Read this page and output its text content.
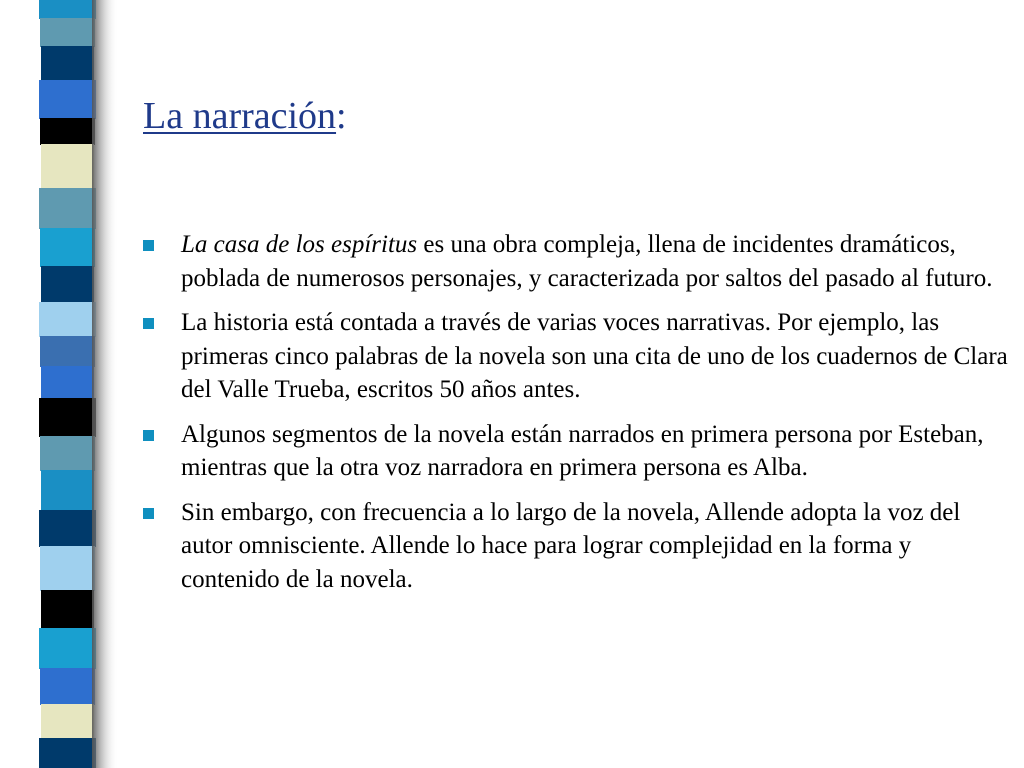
La narración:
La casa de los espíritus es una obra compleja, llena de incidentes dramáticos, poblada de numerosos personajes, y caracterizada por saltos del pasado al futuro.
La historia está contada a través de varias voces narrativas. Por ejemplo, las primeras cinco palabras de la novela son una cita de uno de los cuadernos de Clara del Valle Trueba, escritos 50 años antes.
Algunos segmentos de la novela están narrados en primera persona por Esteban, mientras que la otra voz narradora en primera persona es Alba.
Sin embargo, con frecuencia a lo largo de la novela, Allende adopta la voz del autor omnisciente. Allende lo hace para lograr complejidad en la forma y contenido de la novela.
